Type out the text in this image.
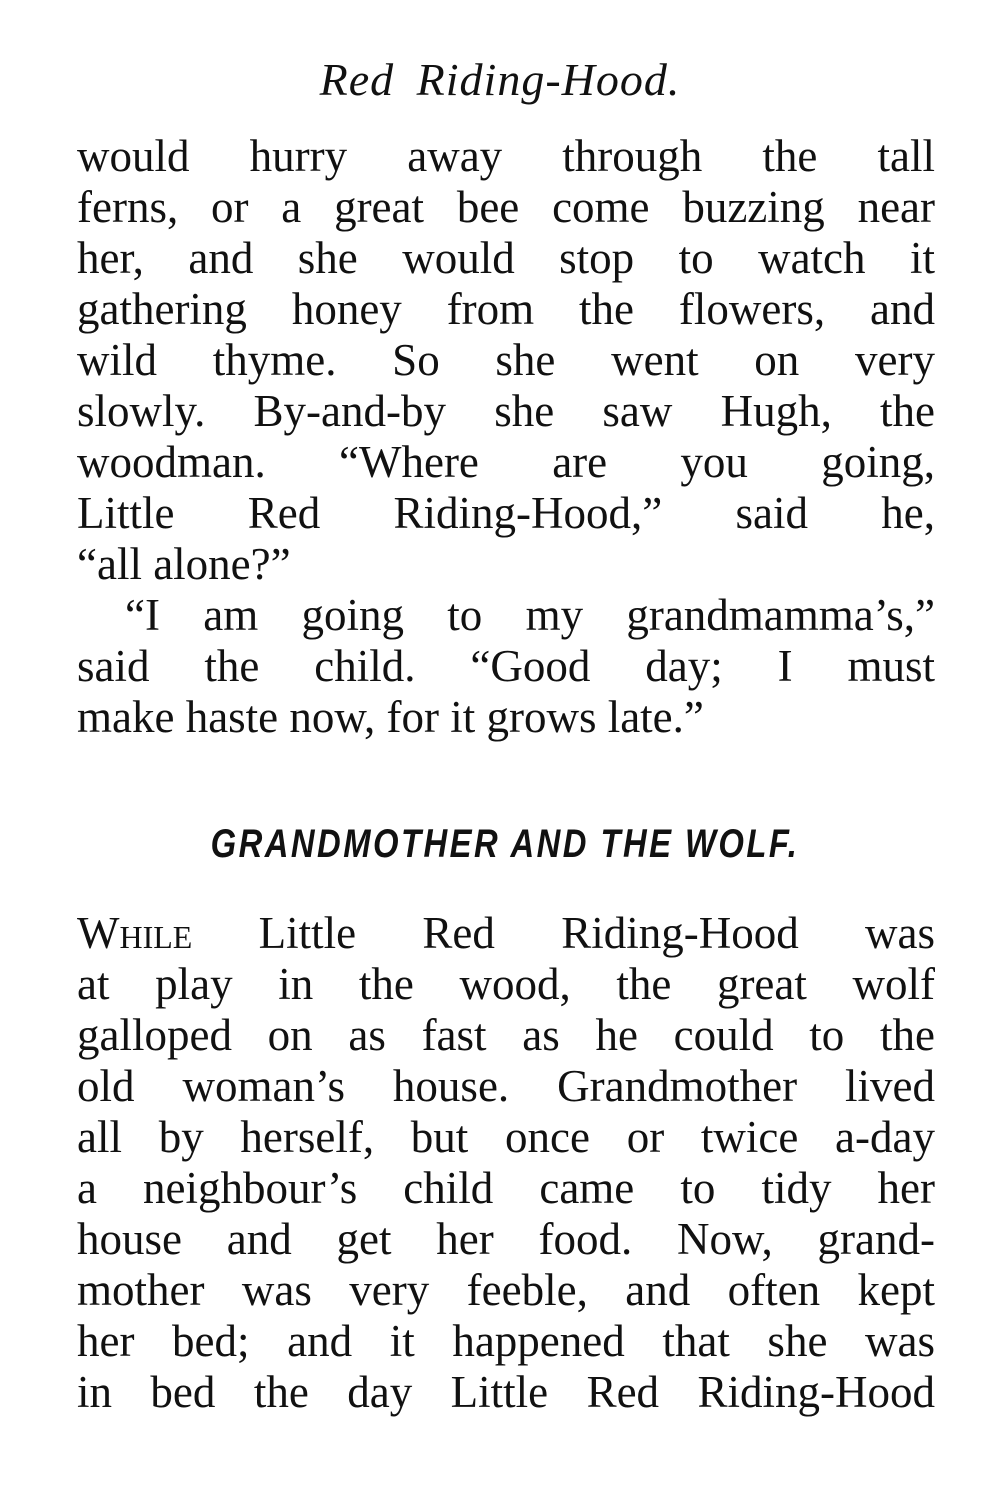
Red Riding-Hood.
would hurry away through the tall
ferns, or a great bee come buzzing near
her, and she would stop to watch it
gathering honey from the flowers, and
wild thyme. So she went on very
slowly. By-and-by she saw Hugh, the
woodman. “Where are you going,
Little Red Riding-Hood,” said he,
“all alone?”
“I am going to my grandmamma’s,”
said the child. “Good day; I must
make haste now, for it grows late.”
GRANDMOTHER AND THE WOLF.
While Little Red Riding-Hood was
at play in the wood, the great wolf
galloped on as fast as he could to the
old woman’s house. Grandmother lived
all by herself, but once or twice a-day
a neighbour’s child came to tidy her
house and get her food. Now, grand-
mother was very feeble, and often kept
her bed; and it happened that she was
in bed the day Little Red Riding-Hood
